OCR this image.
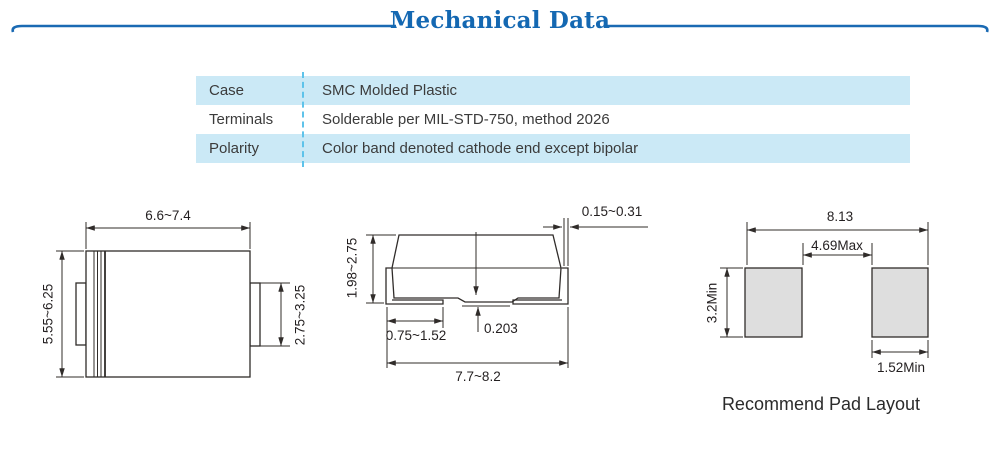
Mechanical Data
Case	SMC Molded Plastic
Terminals	Solderable per MIL-STD-750, method 2026
Polarity	Color band denoted cathode end except bipolar
6.6~7.4
5.55~6.25	2.75~3.25
0.15~0.31
1.98~2.75
0.75~1.52	0.203
7.7~8.2
8.13
4.69Max
3.2Min
1.52Min
Recommend Pad Layout
